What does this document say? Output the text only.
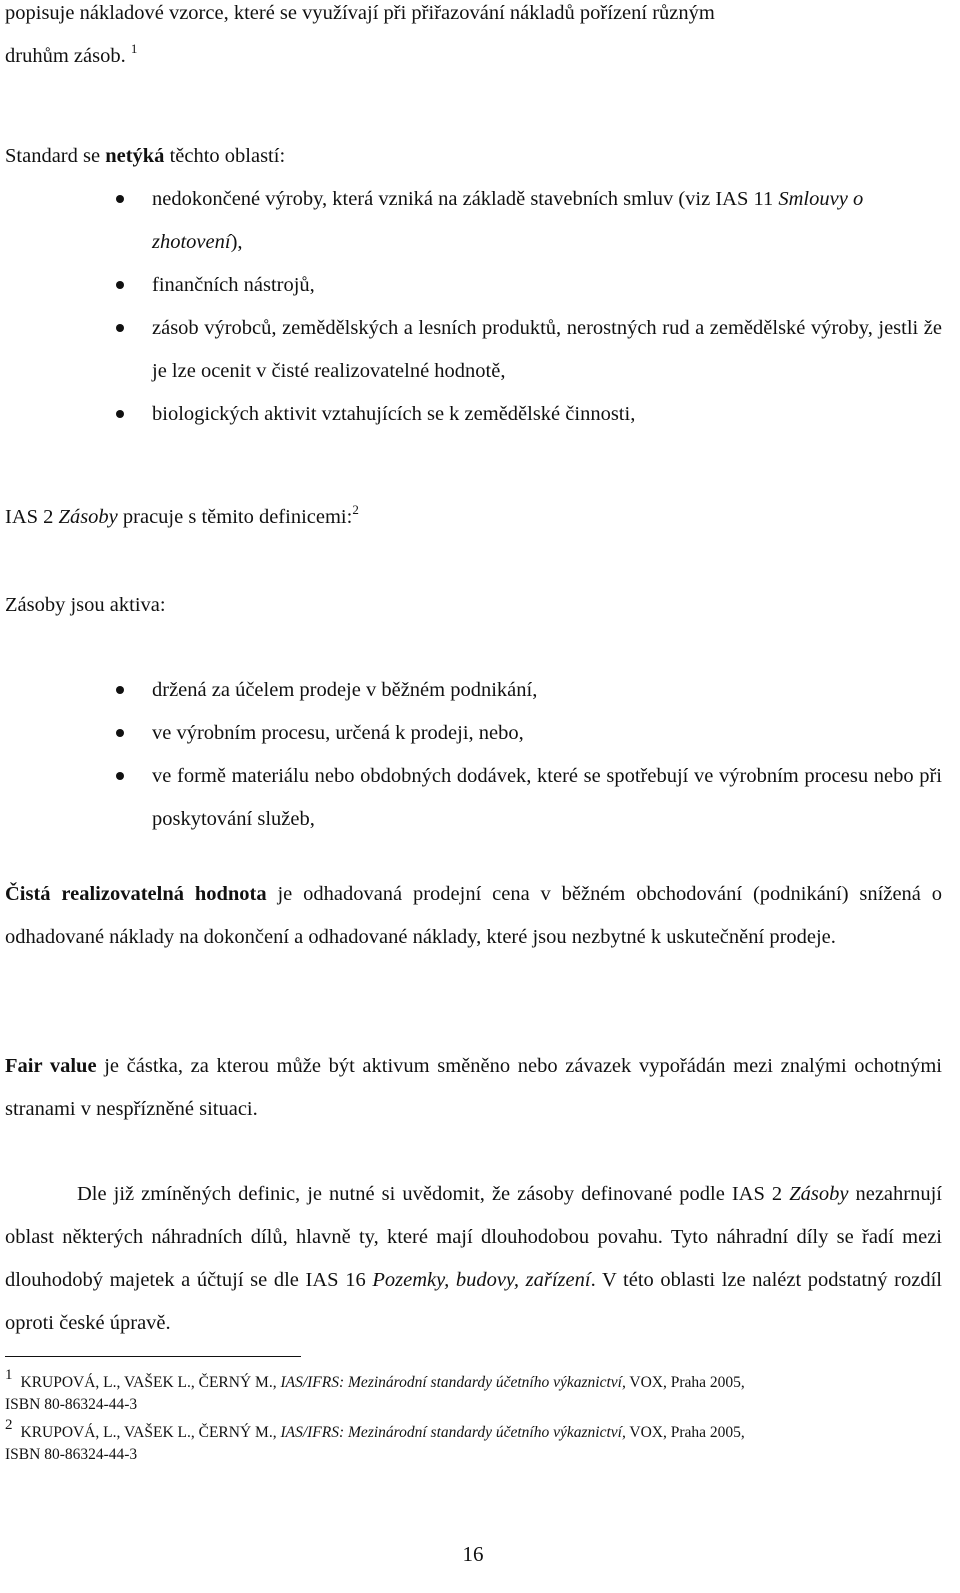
popisuje nákladové vzorce, které se využívají při přiřazování nákladů pořízení různým
druhům zásob. $^1$

Standard se netýká těchto oblastí:

nedokončené výroby, která vzniká na základě stavebních smluv (viz IAS 11 Smlouvy o zhotovení),
finančních nástrojů,
zásob výrobců, zemědělských a lesních produktů, nerostných rud a zemědělské výroby, jestli že je lze ocenit v čisté realizovatelné hodnotě,
biologických aktivit vztahujících se k zemědělské činnosti,

IAS 2 Zásoby pracuje s těmito definicemi:$^2$

Zásoby jsou aktiva:

držená za účelem prodeje v běžném podnikání,
ve výrobním procesu, určená k prodeji, nebo,
ve formě materiálu nebo obdobných dodávek, které se spotřebují ve výrobním procesu nebo při poskytování služeb,

Čistá realizovatelná hodnota je odhadovaná prodejní cena v běžném obchodování (podnikání) snížená o odhadované náklady na dokončení a odhadované náklady, které jsou nezbytné k uskutečnění prodeje.

Fair value je částka, za kterou může být aktivum směněno nebo závazek vypořádán mezi znalými ochotnými stranami v nespřízněné situaci.

Dle již zmíněných definic, je nutné si uvědomit, že zásoby definované podle IAS 2 Zásoby nezahrnují oblast některých náhradních dílů, hlavně ty, které mají dlouhodobou povahu. Tyto náhradní díly se řadí mezi dlouhodobý majetek a účtují se dle IAS 16 Pozemky, budovy, zařízení. V této oblasti lze nalézt podstatný rozdíl oproti české úpravě.

1 KRUPOVÁ, L., VAŠEK L., ČERNÝ M., IAS/IFRS: Mezinárodní standardy účetního výkaznictví, VOX, Praha 2005,
ISBN 80-86324-44-3
2 KRUPOVÁ, L., VAŠEK L., ČERNÝ M., IAS/IFRS: Mezinárodní standardy účetního výkaznictví, VOX, Praha 2005,
ISBN 80-86324-44-3
16
